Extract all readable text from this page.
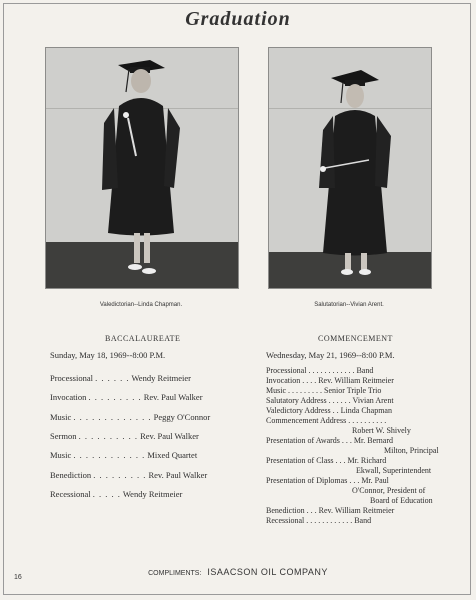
Graduation
Valedictorian--Linda Chapman.	Salutatorian--Vivian Arent.
BACCALAUREATE
Sunday, May 18, 1969--8:00 P.M.
Processional . . . . . . Wendy Reitmeier
Invocation . . . . . . . . . Rev. Paul Walker
Music . . . . . . . . . . . . . Peggy O'Connor
Sermon . . . . . . . . . . Rev. Paul Walker
Music . . . . . . . . . . . . Mixed Quartet
Benediction . . . . . . . . . Rev. Paul Walker
Recessional . . . . . Wendy Reitmeier
COMMENCEMENT
Wednesday, May 21, 1969--8:00 P.M.
Processional . . . . . . . . . . . . Band
Invocation . . . . Rev. William Reitmeier
Music . . . . . . . . . Senior Triple Trio
Salutatory Address . . . . . . Vivian Arent
Valedictory Address . . Linda Chapman
Commencement Address . . . . . . . . . .
Robert W. Shively
Presentation of Awards . . . Mr. Bernard
Milton, Principal
Presentation of Class . . . Mr. Richard
Ekwall, Superintendent
Presentation of Diplomas . . . Mr. Paul
O'Connor, President of
Board of Education
Benediction . . . Rev. William Reitmeier
Recessional . . . . . . . . . . . . Band
COMPLIMENTS: ISAACSON OIL COMPANY
16
